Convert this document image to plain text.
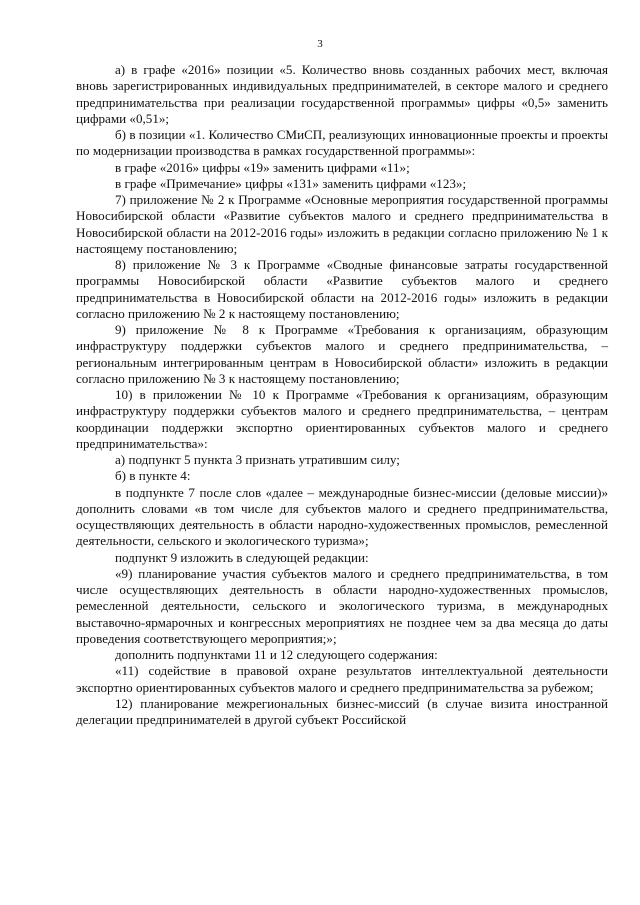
3

а) в графе «2016» позиции «5. Количество вновь созданных рабочих мест, включая вновь зарегистрированных индивидуальных предпринимателей, в секторе малого и среднего предпринимательства при реализации государственной программы» цифры «0,5» заменить цифрами «0,51»;

б) в позиции «1. Количество СМиСП, реализующих инновационные проекты и проекты по модернизации производства в рамках государственной программы»:

в графе «2016» цифры «19» заменить цифрами «11»;

в графе «Примечание» цифры «131» заменить цифрами «123»;

7) приложение № 2 к Программе «Основные мероприятия государственной программы Новосибирской области «Развитие субъектов малого и среднего предпринимательства в Новосибирской области на 2012-2016 годы» изложить в редакции согласно приложению № 1 к настоящему постановлению;

8) приложение № 3 к Программе «Сводные финансовые затраты государственной программы Новосибирской области «Развитие субъектов малого и среднего предпринимательства в Новосибирской области на 2012-2016 годы» изложить в редакции согласно приложению № 2 к настоящему постановлению;

9) приложение № 8 к Программе «Требования к организациям, образующим инфраструктуру поддержки субъектов малого и среднего предпринимательства, – региональным интегрированным центрам в Новосибирской области» изложить в редакции согласно приложению № 3 к настоящему постановлению;

10) в приложении № 10 к Программе «Требования к организациям, образующим инфраструктуру поддержки субъектов малого и среднего предпринимательства, – центрам координации поддержки экспортно ориентированных субъектов малого и среднего предпринимательства»:

а) подпункт 5 пункта 3 признать утратившим силу;

б) в пункте 4:

в подпункте 7 после слов «далее – международные бизнес-миссии (деловые миссии)» дополнить словами «в том числе для субъектов малого и среднего предпринимательства, осуществляющих деятельность в области народно-художественных промыслов, ремесленной деятельности, сельского и экологического туризма»;

подпункт 9 изложить в следующей редакции:

«9) планирование участия субъектов малого и среднего предпринимательства, в том числе осуществляющих деятельность в области народно-художественных промыслов, ремесленной деятельности, сельского и экологического туризма, в международных выставочно-ярмарочных и конгрессных мероприятиях не позднее чем за два месяца до даты проведения соответствующего мероприятия;»;

дополнить подпунктами 11 и 12 следующего содержания:

«11) содействие в правовой охране результатов интеллектуальной деятельности экспортно ориентированных субъектов малого и среднего предпринимательства за рубежом;

12) планирование межрегиональных бизнес-миссий (в случае визита иностранной делегации предпринимателей в другой субъект Российской
